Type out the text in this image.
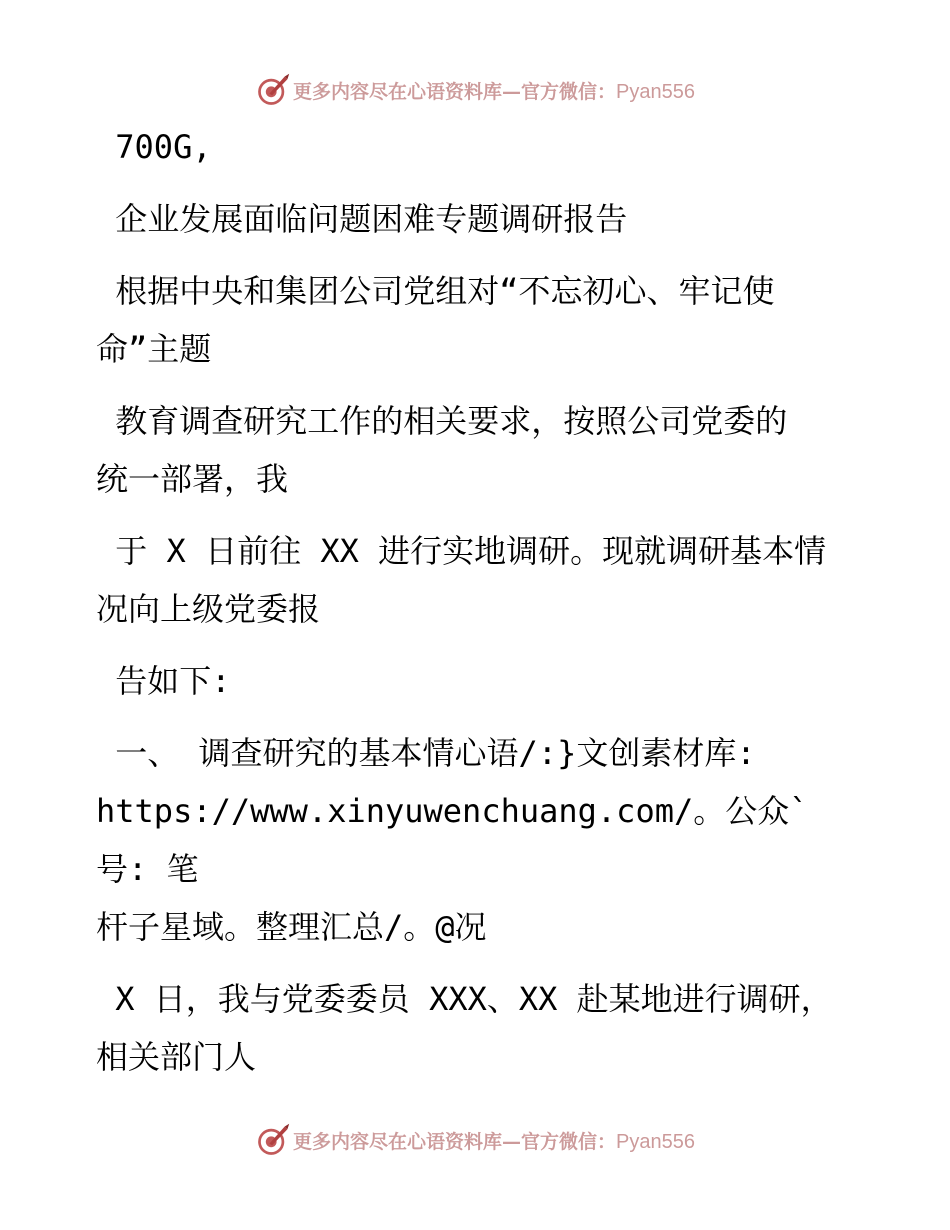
更多内容尽在心语资料库—官方微信：Pyan556

700G,

企业发展面临问题困难专题调研报告

根据中央和集团公司党组对“不忘初心、牢记使
命”主题

教育调查研究工作的相关要求，按照公司党委的
统一部署，我

于 X 日前往 XX 进行实地调研。现就调研基本情
况向上级党委报

告如下:

一、 调查研究的基本情心语/:}文创素材库:
https://www.xinyuwenchuang.com/。公众`号: 笔
杆子星域。整理汇总/。@况

X 日，我与党委委员 XXX、XX 赴某地进行调研，
相关部门人

更多内容尽在心语资料库—官方微信：Pyan556
